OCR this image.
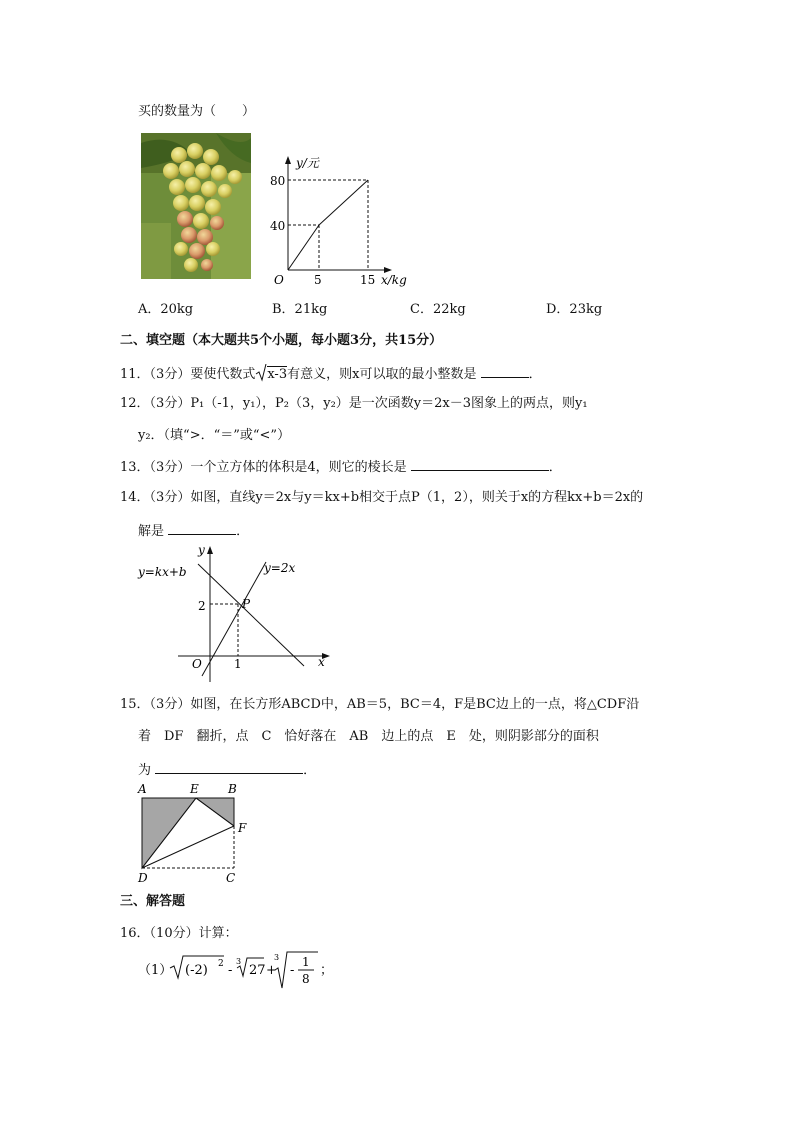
买的数量为（　　）
y/元
80
40
O	5	15 x/kg
A．20kg	B．21kg	C．22kg	D．23kg
二、填空题（本大题共5个小题，每小题3分，共15分）
11．（3分）要使代数式 x-3有意义，则x可以取的最小整数是	．
12．（3分）P₁（-1，y₁），P₂（3，y₂）是一次函数y＝2x－3图象上的两点，则y₁
y₂．（填“>．“＝”或“<”）
13．（3分）一个立方体的体积是4，则它的棱长是	．
14．（3分）如图，直线y＝2x与y＝kx+b相交于点P（1，2），则关于x的方程kx+b＝2x的
解是	．
y=kx+b	y=2x
y
x
P
2
1
O
15．（3分）如图，在长方形ABCD中，AB＝5，BC＝4，F是BC边上的一点，将△CDF沿
着　DF　翻折，点　C　恰好落在　AB　边上的点　E　处，则阴影部分的面积
为	．
A	E B
F
D	C
三、解答题
16．（10分）计算：
（1） (-2) 2 -
3
27 +
3
-
1
8
；
